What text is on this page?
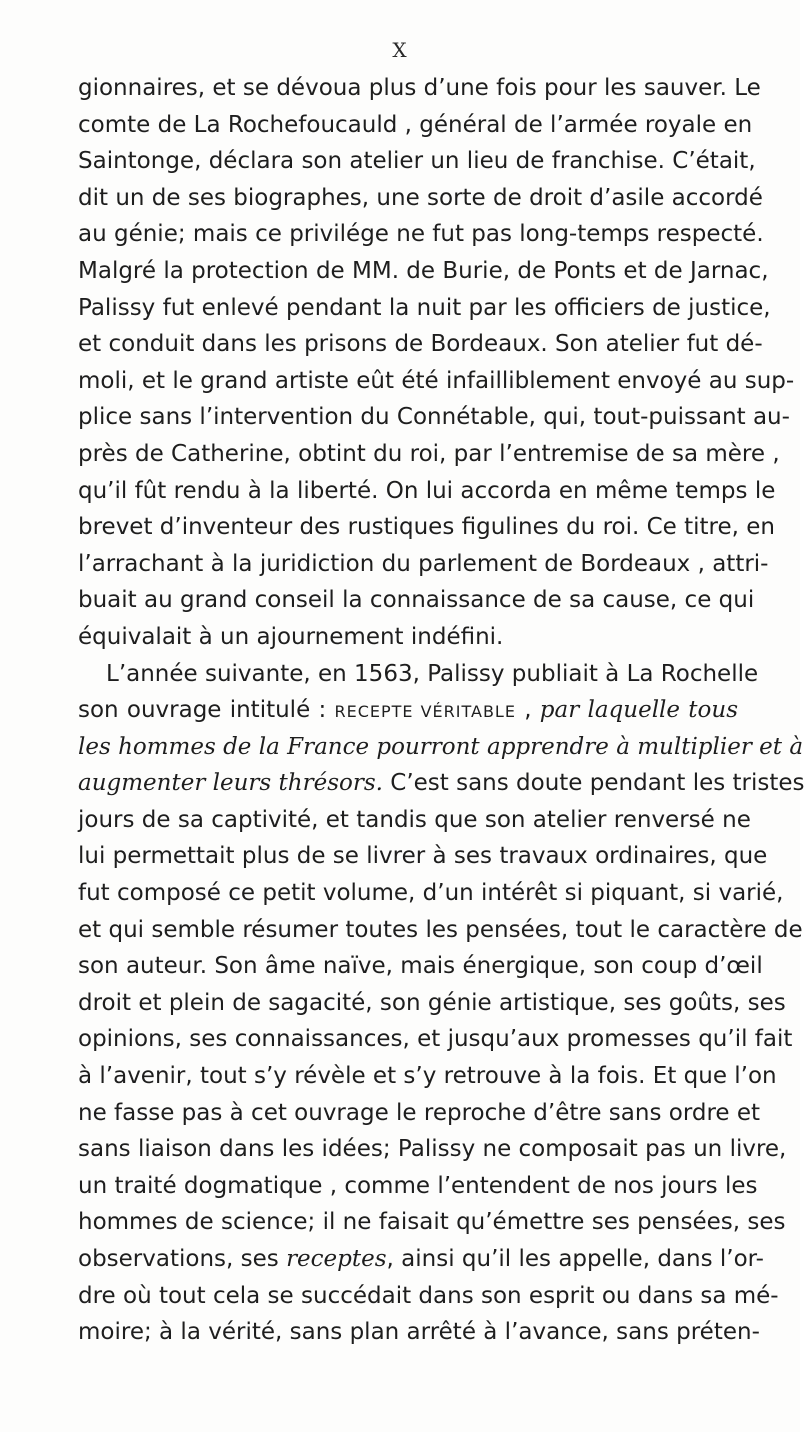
X
gionnaires, et se dévoua plus d’une fois pour les sauver. Le
comte de La Rochefoucauld , général de l’armée royale en
Saintonge, déclara son atelier un lieu de franchise. C’était,
dit un de ses biographes, une sorte de droit d’asile accordé
au génie; mais ce privilége ne fut pas long-temps respecté.
Malgré la protection de MM. de Burie, de Ponts et de Jarnac,
Palissy fut enlevé pendant la nuit par les officiers de justice,
et conduit dans les prisons de Bordeaux. Son atelier fut dé-
moli, et le grand artiste eût été infailliblement envoyé au sup-
plice sans l’intervention du Connétable, qui, tout-puissant au-
près de Catherine, obtint du roi, par l’entremise de sa mère ,
qu’il fût rendu à la liberté. On lui accorda en même temps le
brevet d’inventeur des rustiques figulines du roi. Ce titre, en
l’arrachant à la juridiction du parlement de Bordeaux , attri-
buait au grand conseil la connaissance de sa cause, ce qui
équivalait à un ajournement indéfini.
L’année suivante, en 1563, Palissy publiait à La Rochelle
son ouvrage intitulé : RECEPTE VÉRITABLE , par laquelle tous
les hommes de la France pourront apprendre à multiplier et à
augmenter leurs thrésors. C’est sans doute pendant les tristes
jours de sa captivité, et tandis que son atelier renversé ne
lui permettait plus de se livrer à ses travaux ordinaires, que
fut composé ce petit volume, d’un intérêt si piquant, si varié,
et qui semble résumer toutes les pensées, tout le caractère de
son auteur. Son âme naïve, mais énergique, son coup d’œil
droit et plein de sagacité, son génie artistique, ses goûts, ses
opinions, ses connaissances, et jusqu’aux promesses qu’il fait
à l’avenir, tout s’y révèle et s’y retrouve à la fois. Et que l’on
ne fasse pas à cet ouvrage le reproche d’être sans ordre et
sans liaison dans les idées; Palissy ne composait pas un livre,
un traité dogmatique , comme l’entendent de nos jours les
hommes de science; il ne faisait qu’émettre ses pensées, ses
observations, ses receptes, ainsi qu’il les appelle, dans l’or-
dre où tout cela se succédait dans son esprit ou dans sa mé-
moire; à la vérité, sans plan arrêté à l’avance, sans préten-
